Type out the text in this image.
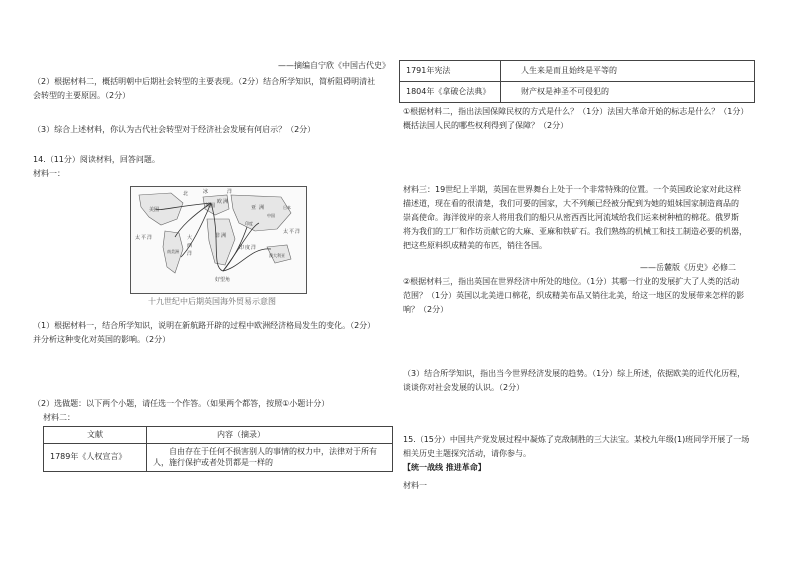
——摘编自宁欣《中国古代史》
（2）根据材料二，概括明朝中后期社会转型的主要表现。（2分）结合所学知识，简析阻碍明清社
会转型的主要原因。（2分）
（3）综合上述材料，你认为古代社会转型对于经济社会发展有何启示？（2分）
14.（11分）阅读材料，回答问题。
材料一：
北	冰	洋
英国
美国
欧 洲
亚 洲
非 洲
太 平 洋	大
西
洋
印 度 洋
太 平 洋
好望角
澳大利亚
日本
中国
印度
南美洲
十九世纪中后期英国海外贸易示意图
（1）根据材料一，结合所学知识，说明在新航路开辟的过程中欧洲经济格局发生的变化。（2分）
并分析这种变化对英国的影响。（2分）
（2）选做题：以下两个小题，请任选一个作答。（如果两个都答，按照①小题计分）
材料二：
文献	内容（摘录）
1789年《人权宣言》	自由存在于任何不损害别人的事情的权力中，法律对于所有人，施行保护或者处罚都是一样的
1791年宪法	人生来是而且始终是平等的
1804年《拿破仑法典》	财产权是神圣不可侵犯的
①根据材料二，指出法国保障民权的方式是什么？（1分）法国大革命开始的标志是什么？（1分）
概括法国人民的哪些权利得到了保障？（2分）
材料三：19世纪上半期，英国在世界舞台上处于一个非常特殊的位置。一个英国政论家对此这样
描述道，现在看的很清楚，我们可要的国家，大不列颠已经被分配到为她的姐妹国家制造商品的
崇高使命。海洋彼岸的亲人将用我们的船只从密西西比河流域给我们运来树种植的棉花。俄罗斯
将为我们的工厂和作坊贡献它的大麻、亚麻和铁矿石。我们熟练的机械工和技工制造必要的机器，
把这些原料织成精美的布匹，销往各国。
——岳麓版《历史》必修二
②根据材料三，指出英国在世界经济中所处的地位。（1分）其哪一行业的发展扩大了人类的活动
范围？（1分）英国以北美进口棉花，织成精美布品又销往北美，给这一地区的发展带来怎样的影
响？（2分）
（3）结合所学知识，指出当今世界经济发展的趋势。（1分）综上所述，依据欧美的近代化历程，
谈谈你对社会发展的认识。（2分）
15.（15分）中国共产党发展过程中凝炼了克敌制胜的三大法宝。某校九年级(1)班同学开展了一场
相关历史主题探究活动，请你参与。
【统一战线 推进革命】
材料一
